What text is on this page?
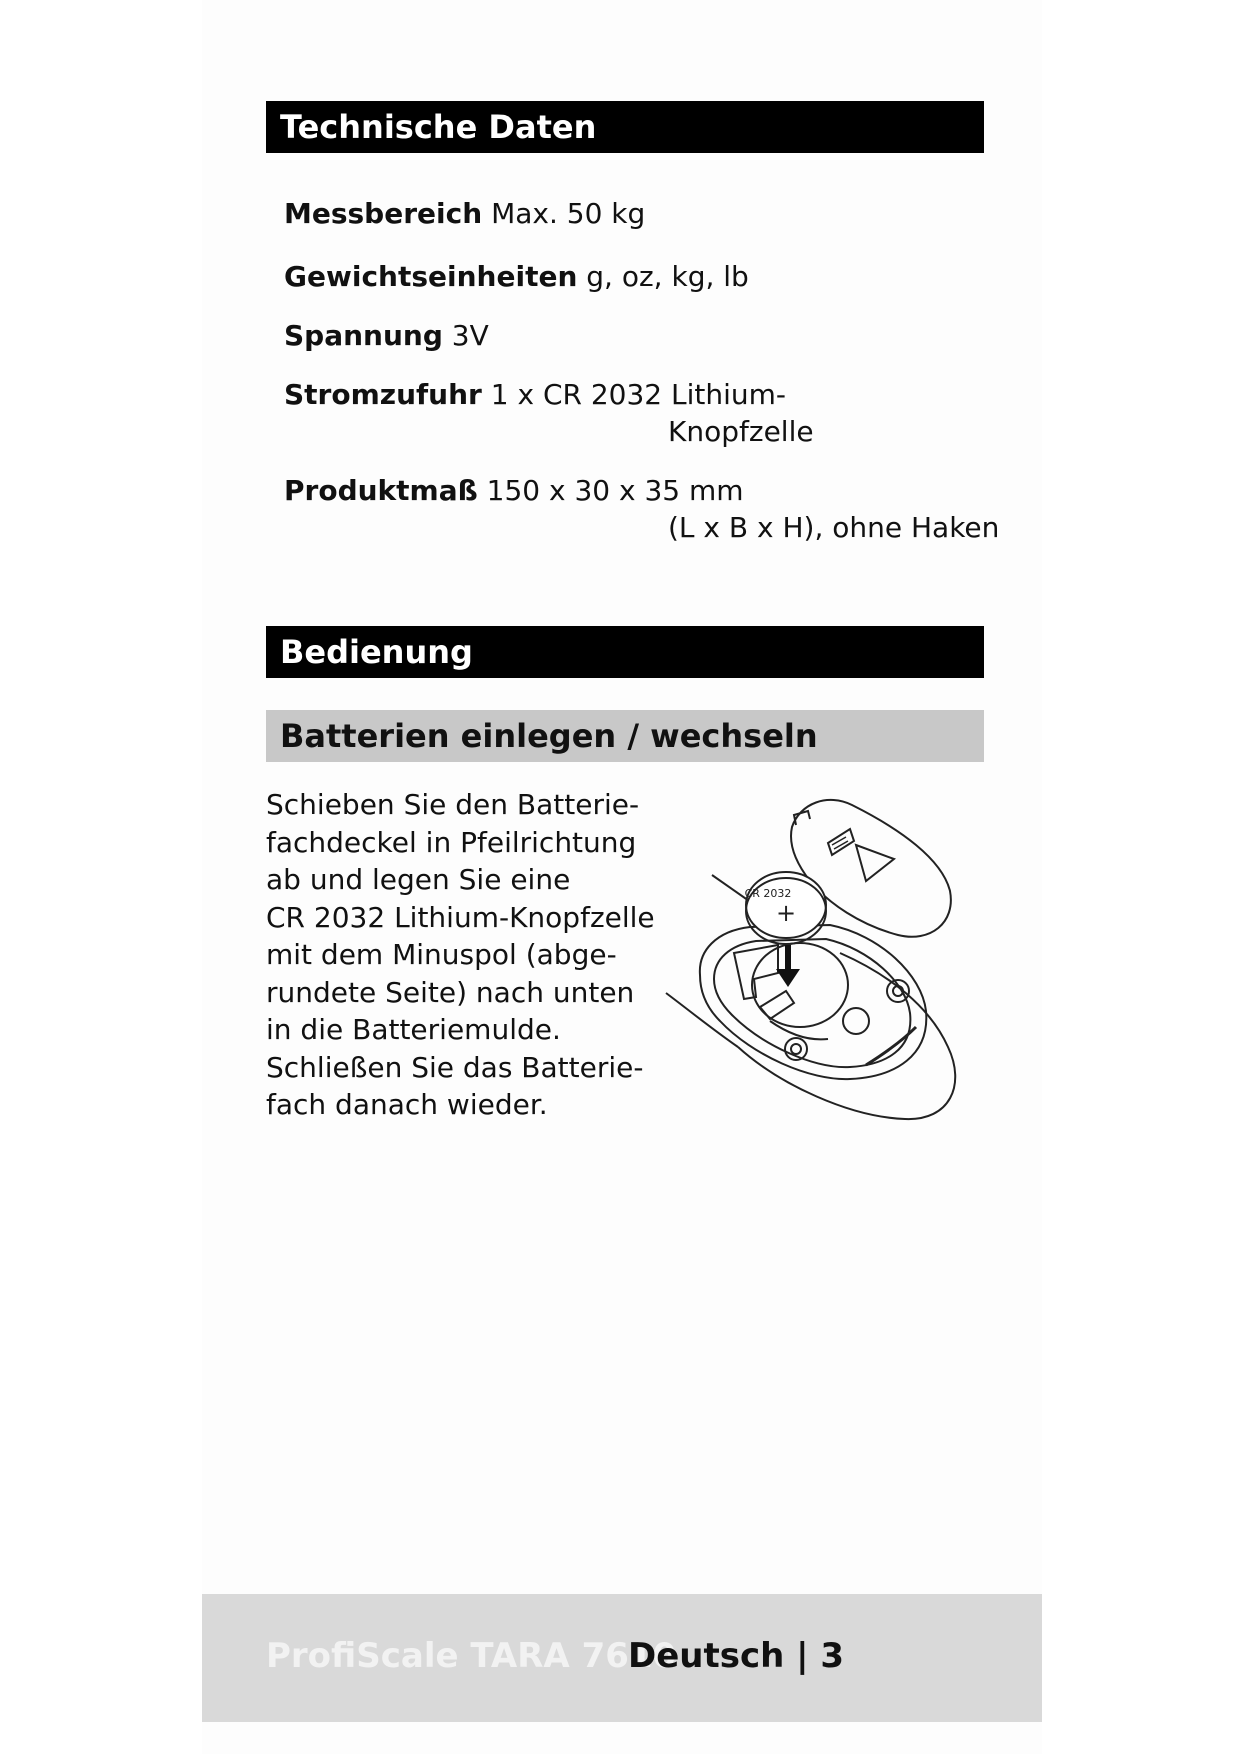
Technische Daten
Messbereich Max. 50 kg
Gewichtseinheiten g, oz, kg, lb
Spannung 3V
Stromzufuhr 1 x CR 2032 Lithium-
Knopfzelle
Produktmaß 150 x 30 x 35 mm
(L x B x H), ohne Haken
Bedienung
Batterien einlegen / wechseln
Schieben Sie den Batterie-
fachdeckel in Pfeilrichtung
ab und legen Sie eine
CR 2032 Lithium-Knopfzelle
mit dem Minuspol (abge-
rundete Seite) nach unten
in die Batteriemulde.
Schließen Sie das Batterie-
fach danach wieder.
CR 2032
+
ProfiScale TARA 7610
Deutsch | 3
